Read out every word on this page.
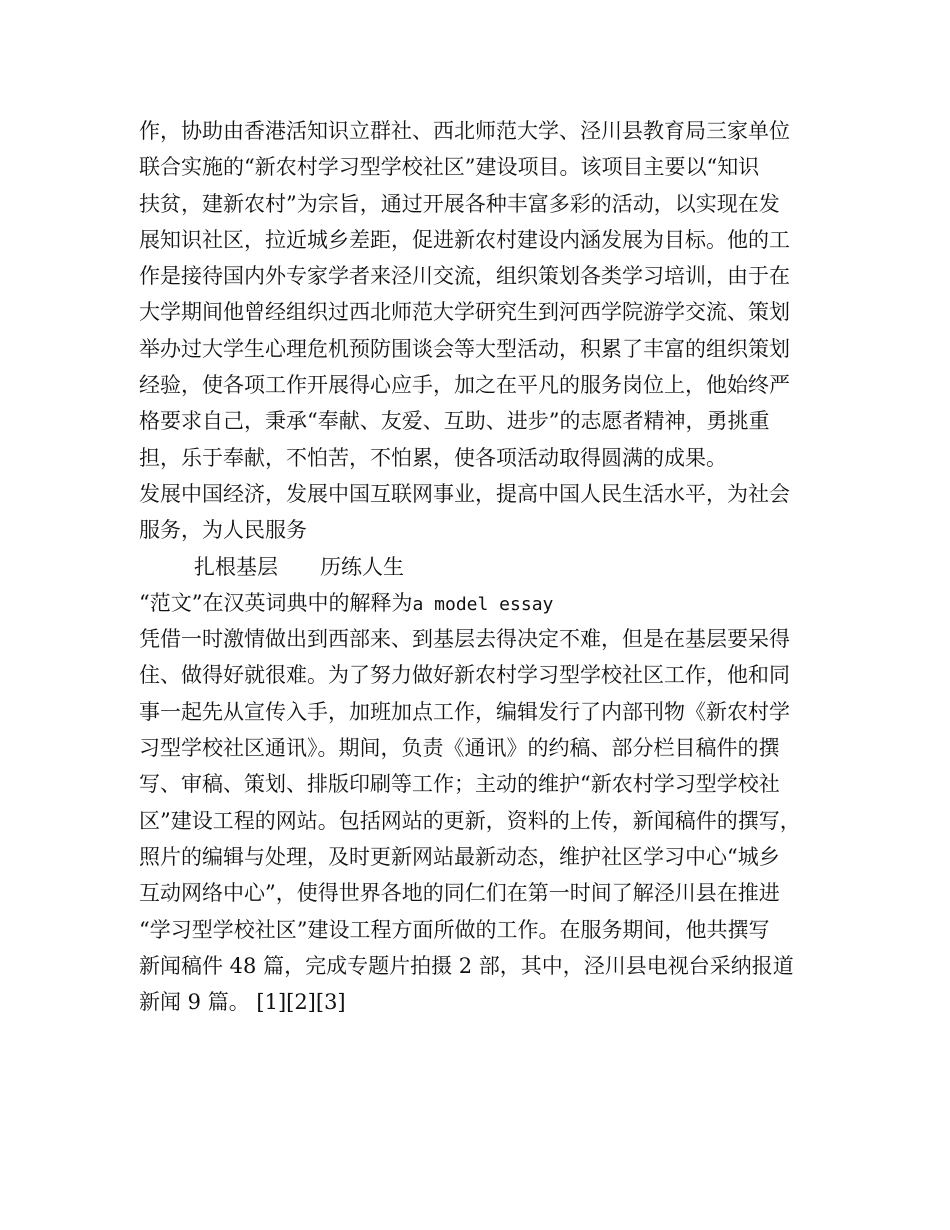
作，协助由香港活知识立群社、西北师范大学、泾川县教育局三家单位
联合实施的“新农村学习型学校社区”建设项目。该项目主要以“知识
扶贫，建新农村”为宗旨，通过开展各种丰富多彩的活动，以实现在发
展知识社区，拉近城乡差距，促进新农村建设内涵发展为目标。他的工
作是接待国内外专家学者来泾川交流，组织策划各类学习培训，由于在
大学期间他曾经组织过西北师范大学研究生到河西学院游学交流、策划
举办过大学生心理危机预防围谈会等大型活动，积累了丰富的组织策划
经验，使各项工作开展得心应手，加之在平凡的服务岗位上，他始终严
格要求自己，秉承“奉献、友爱、互助、进步”的志愿者精神，勇挑重
担，乐于奉献，不怕苦，不怕累，使各项活动取得圆满的成果。
发展中国经济，发展中国互联网事业，提高中国人民生活水平，为社会
服务，为人民服务
扎根基层　　历练人生
“范文”在汉英词典中的解释为a model essay
凭借一时激情做出到西部来、到基层去得决定不难，但是在基层要呆得
住、做得好就很难。为了努力做好新农村学习型学校社区工作，他和同
事一起先从宣传入手，加班加点工作，编辑发行了内部刊物《新农村学
习型学校社区通讯》。期间，负责《通讯》的约稿、部分栏目稿件的撰
写、审稿、策划、排版印刷等工作；主动的维护“新农村学习型学校社
区”建设工程的网站。包括网站的更新，资料的上传，新闻稿件的撰写，
照片的编辑与处理，及时更新网站最新动态，维护社区学习中心“城乡
互动网络中心”，使得世界各地的同仁们在第一时间了解泾川县在推进
“学习型学校社区”建设工程方面所做的工作。在服务期间，他共撰写
新闻稿件 48 篇，完成专题片拍摄 2 部，其中，泾川县电视台采纳报道
新闻 9 篇。 [1][2][3]
